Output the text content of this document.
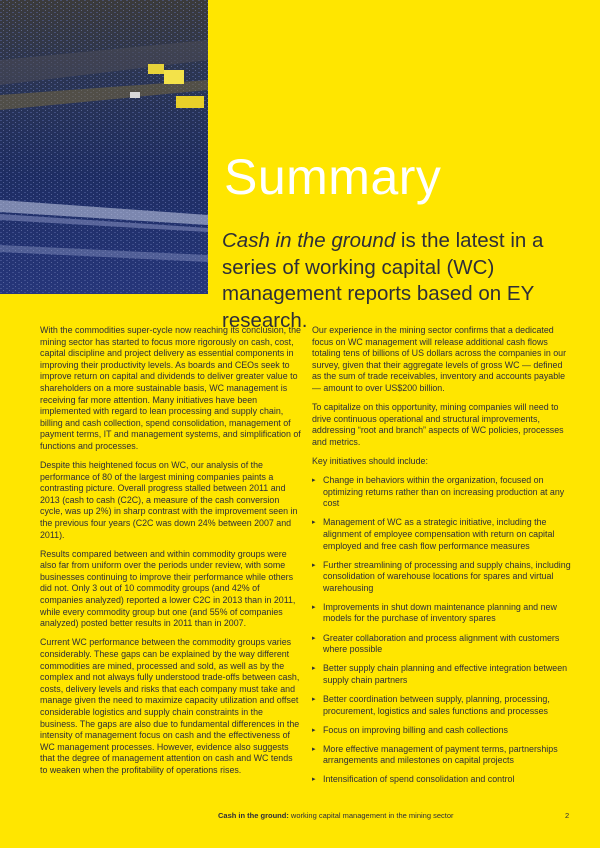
Summary

Cash in the ground is the latest in a series of working capital (WC) management reports based on EY research.

With the commodities super-cycle now reaching its conclusion, the mining sector has started to focus more rigorously on cash, cost, capital discipline and project delivery as essential components in improving their productivity levels. As boards and CEOs seek to improve return on capital and dividends to deliver greater value to shareholders on a more sustainable basis, WC management is receiving far more attention. Many initiatives have been implemented with regard to lean processing and supply chain, billing and cash collection, spend consolidation, management of payment terms, IT and management systems, and simplification of functions and processes.

Despite this heightened focus on WC, our analysis of the performance of 80 of the largest mining companies paints a contrasting picture. Overall progress stalled between 2011 and 2013 (cash to cash (C2C), a measure of the cash conversion cycle, was up 2%) in sharp contrast with the improvement seen in the previous four years (C2C was down 24% between 2007 and 2011).

Results compared between and within commodity groups were also far from uniform over the periods under review, with some businesses continuing to improve their performance while others did not. Only 3 out of 10 commodity groups (and 42% of companies analyzed) reported a lower C2C in 2013 than in 2011, while every commodity group but one (and 55% of companies analyzed) posted better results in 2011 than in 2007.

Current WC performance between the commodity groups varies considerably. These gaps can be explained by the way different commodities are mined, processed and sold, as well as by the complex and not always fully understood trade-offs between cash, costs, delivery levels and risks that each company must take and manage given the need to maximize capacity utilization and offset considerable logistics and supply chain constraints in the business. The gaps are also due to fundamental differences in the intensity of management focus on cash and the effectiveness of WC management processes. However, evidence also suggests that the degree of management attention on cash and WC tends to weaken when the profitability of operations rises.

Our experience in the mining sector confirms that a dedicated focus on WC management will release additional cash flows totaling tens of billions of US dollars across the companies in our survey, given that their aggregate levels of gross WC — defined as the sum of trade receivables, inventory and accounts payable — amount to over US$200 billion.

To capitalize on this opportunity, mining companies will need to drive continuous operational and structural improvements, addressing “root and branch” aspects of WC policies, processes and metrics.

Key initiatives should include:

▸ Change in behaviors within the organization, focused on optimizing returns rather than on increasing production at any cost
▸ Management of WC as a strategic initiative, including the alignment of employee compensation with return on capital employed and free cash flow performance measures
▸ Further streamlining of processing and supply chains, including consolidation of warehouse locations for spares and virtual warehousing
▸ Improvements in shut down maintenance planning and new models for the purchase of inventory spares
▸ Greater collaboration and process alignment with customers where possible
▸ Better supply chain planning and effective integration between supply chain partners
▸ Better coordination between supply, planning, processing, procurement, logistics and sales functions and processes
▸ Focus on improving billing and cash collections
▸ More effective management of payment terms, partnerships arrangements and milestones on capital projects
▸ Intensification of spend consolidation and control
Cash in the ground: working capital management in the mining sector	2
